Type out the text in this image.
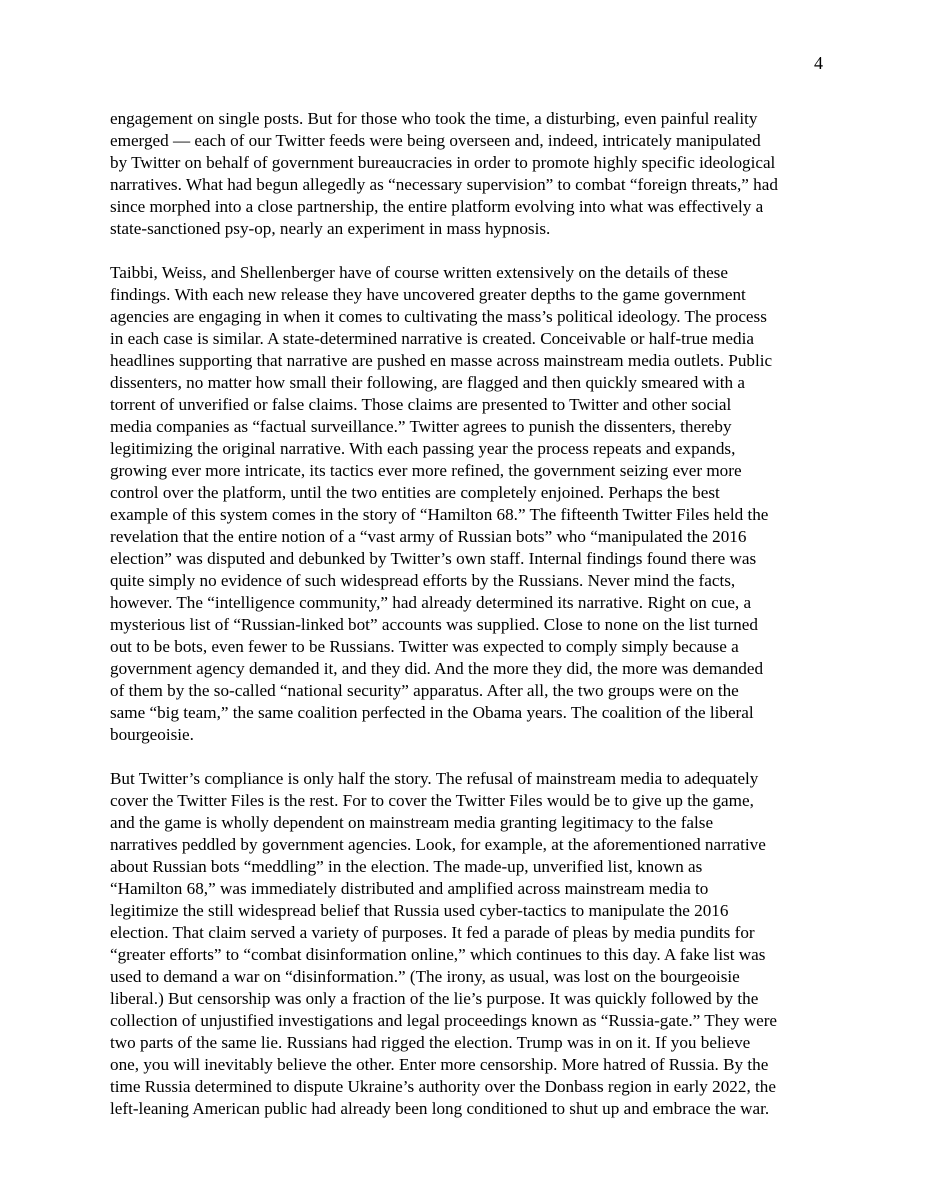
4

engagement on single posts. But for those who took the time, a disturbing, even painful reality
emerged — each of our Twitter feeds were being overseen and, indeed, intricately manipulated
by Twitter on behalf of government bureaucracies in order to promote highly specific ideological
narratives. What had begun allegedly as “necessary supervision” to combat “foreign threats,” had
since morphed into a close partnership, the entire platform evolving into what was effectively a
state-sanctioned psy-op, nearly an experiment in mass hypnosis.

Taibbi, Weiss, and Shellenberger have of course written extensively on the details of these
findings. With each new release they have uncovered greater depths to the game government
agencies are engaging in when it comes to cultivating the mass’s political ideology. The process
in each case is similar. A state-determined narrative is created. Conceivable or half-true media
headlines supporting that narrative are pushed en masse across mainstream media outlets. Public
dissenters, no matter how small their following, are flagged and then quickly smeared with a
torrent of unverified or false claims. Those claims are presented to Twitter and other social
media companies as “factual surveillance.” Twitter agrees to punish the dissenters, thereby
legitimizing the original narrative. With each passing year the process repeats and expands,
growing ever more intricate, its tactics ever more refined, the government seizing ever more
control over the platform, until the two entities are completely enjoined. Perhaps the best
example of this system comes in the story of “Hamilton 68.” The fifteenth Twitter Files held the
revelation that the entire notion of a “vast army of Russian bots” who “manipulated the 2016
election” was disputed and debunked by Twitter’s own staff. Internal findings found there was
quite simply no evidence of such widespread efforts by the Russians. Never mind the facts,
however. The “intelligence community,” had already determined its narrative. Right on cue, a
mysterious list of “Russian-linked bot” accounts was supplied. Close to none on the list turned
out to be bots, even fewer to be Russians. Twitter was expected to comply simply because a
government agency demanded it, and they did. And the more they did, the more was demanded
of them by the so-called “national security” apparatus. After all, the two groups were on the
same “big team,” the same coalition perfected in the Obama years. The coalition of the liberal
bourgeoisie.

But Twitter’s compliance is only half the story. The refusal of mainstream media to adequately
cover the Twitter Files is the rest. For to cover the Twitter Files would be to give up the game,
and the game is wholly dependent on mainstream media granting legitimacy to the false
narratives peddled by government agencies. Look, for example, at the aforementioned narrative
about Russian bots “meddling” in the election. The made-up, unverified list, known as
“Hamilton 68,” was immediately distributed and amplified across mainstream media to
legitimize the still widespread belief that Russia used cyber-tactics to manipulate the 2016
election. That claim served a variety of purposes. It fed a parade of pleas by media pundits for
“greater efforts” to “combat disinformation online,” which continues to this day. A fake list was
used to demand a war on “disinformation.” (The irony, as usual, was lost on the bourgeoisie
liberal.) But censorship was only a fraction of the lie’s purpose. It was quickly followed by the
collection of unjustified investigations and legal proceedings known as “Russia-gate.” They were
two parts of the same lie. Russians had rigged the election. Trump was in on it. If you believe
one, you will inevitably believe the other. Enter more censorship. More hatred of Russia. By the
time Russia determined to dispute Ukraine’s authority over the Donbass region in early 2022, the
left-leaning American public had already been long conditioned to shut up and embrace the war.
